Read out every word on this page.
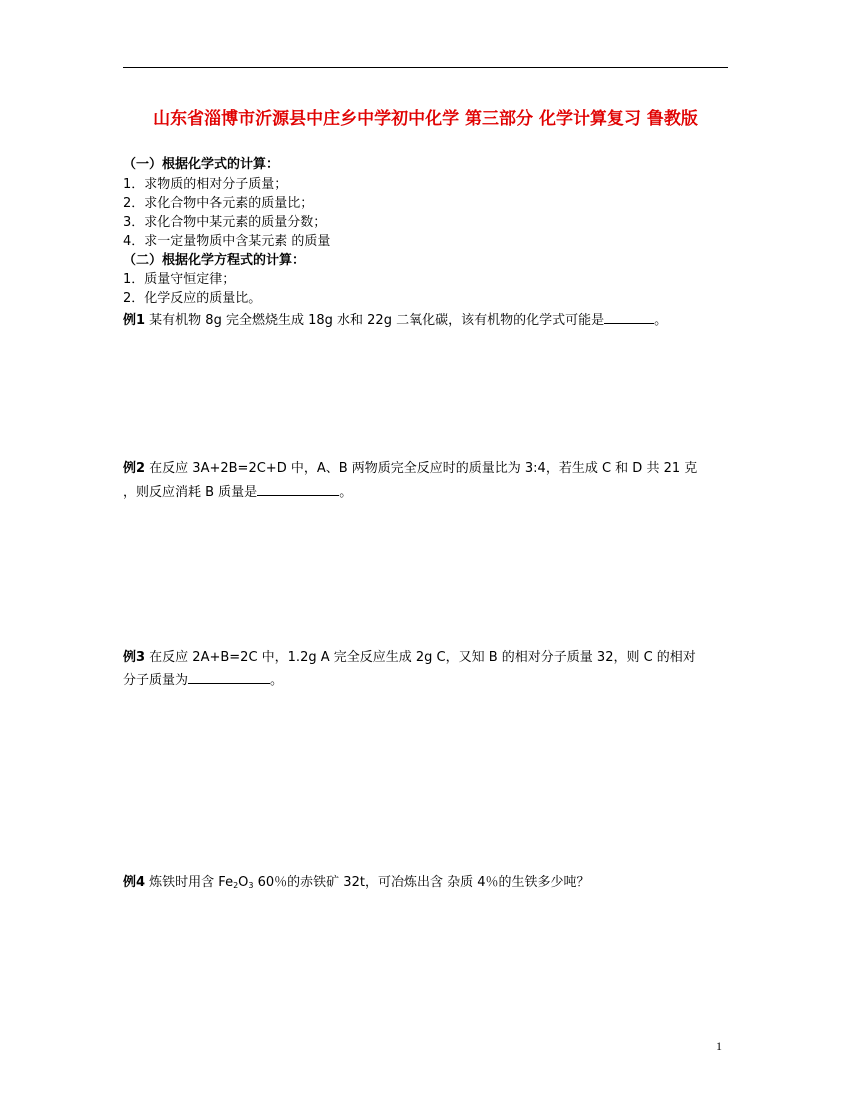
山东省淄博市沂源县中庄乡中学初中化学 第三部分 化学计算复习 鲁教版
（一）根据化学式的计算：
1．求物质的相对分子质量；
2．求化合物中各元素的质量比；
3．求化合物中某元素的质量分数；
4．求一定量物质中含某元素 的质量
（二）根据化学方程式的计算：
1．质量守恒定律；
2．化学反应的质量比。
例1 某有机物 8g 完全燃烧生成 18g 水和 22g 二氧化碳，该有机物的化学式可能是	。
例2 在反应 3A+2B=2C+D 中，A、B 两物质完全反应时的质量比为 3:4，若生成 C 和 D 共 21 克
，则反应消耗 B 质量是	。
例3 在反应 2A+B=2C 中，1.2g A 完全反应生成 2g C，又知 B 的相对分子质量 32，则 C 的相对
分子质量为	。
例4 炼铁时用含 $Fe_2O_3$ 60％的赤铁矿 32t，可冶炼出含 杂质 4％的生铁多少吨？
1
